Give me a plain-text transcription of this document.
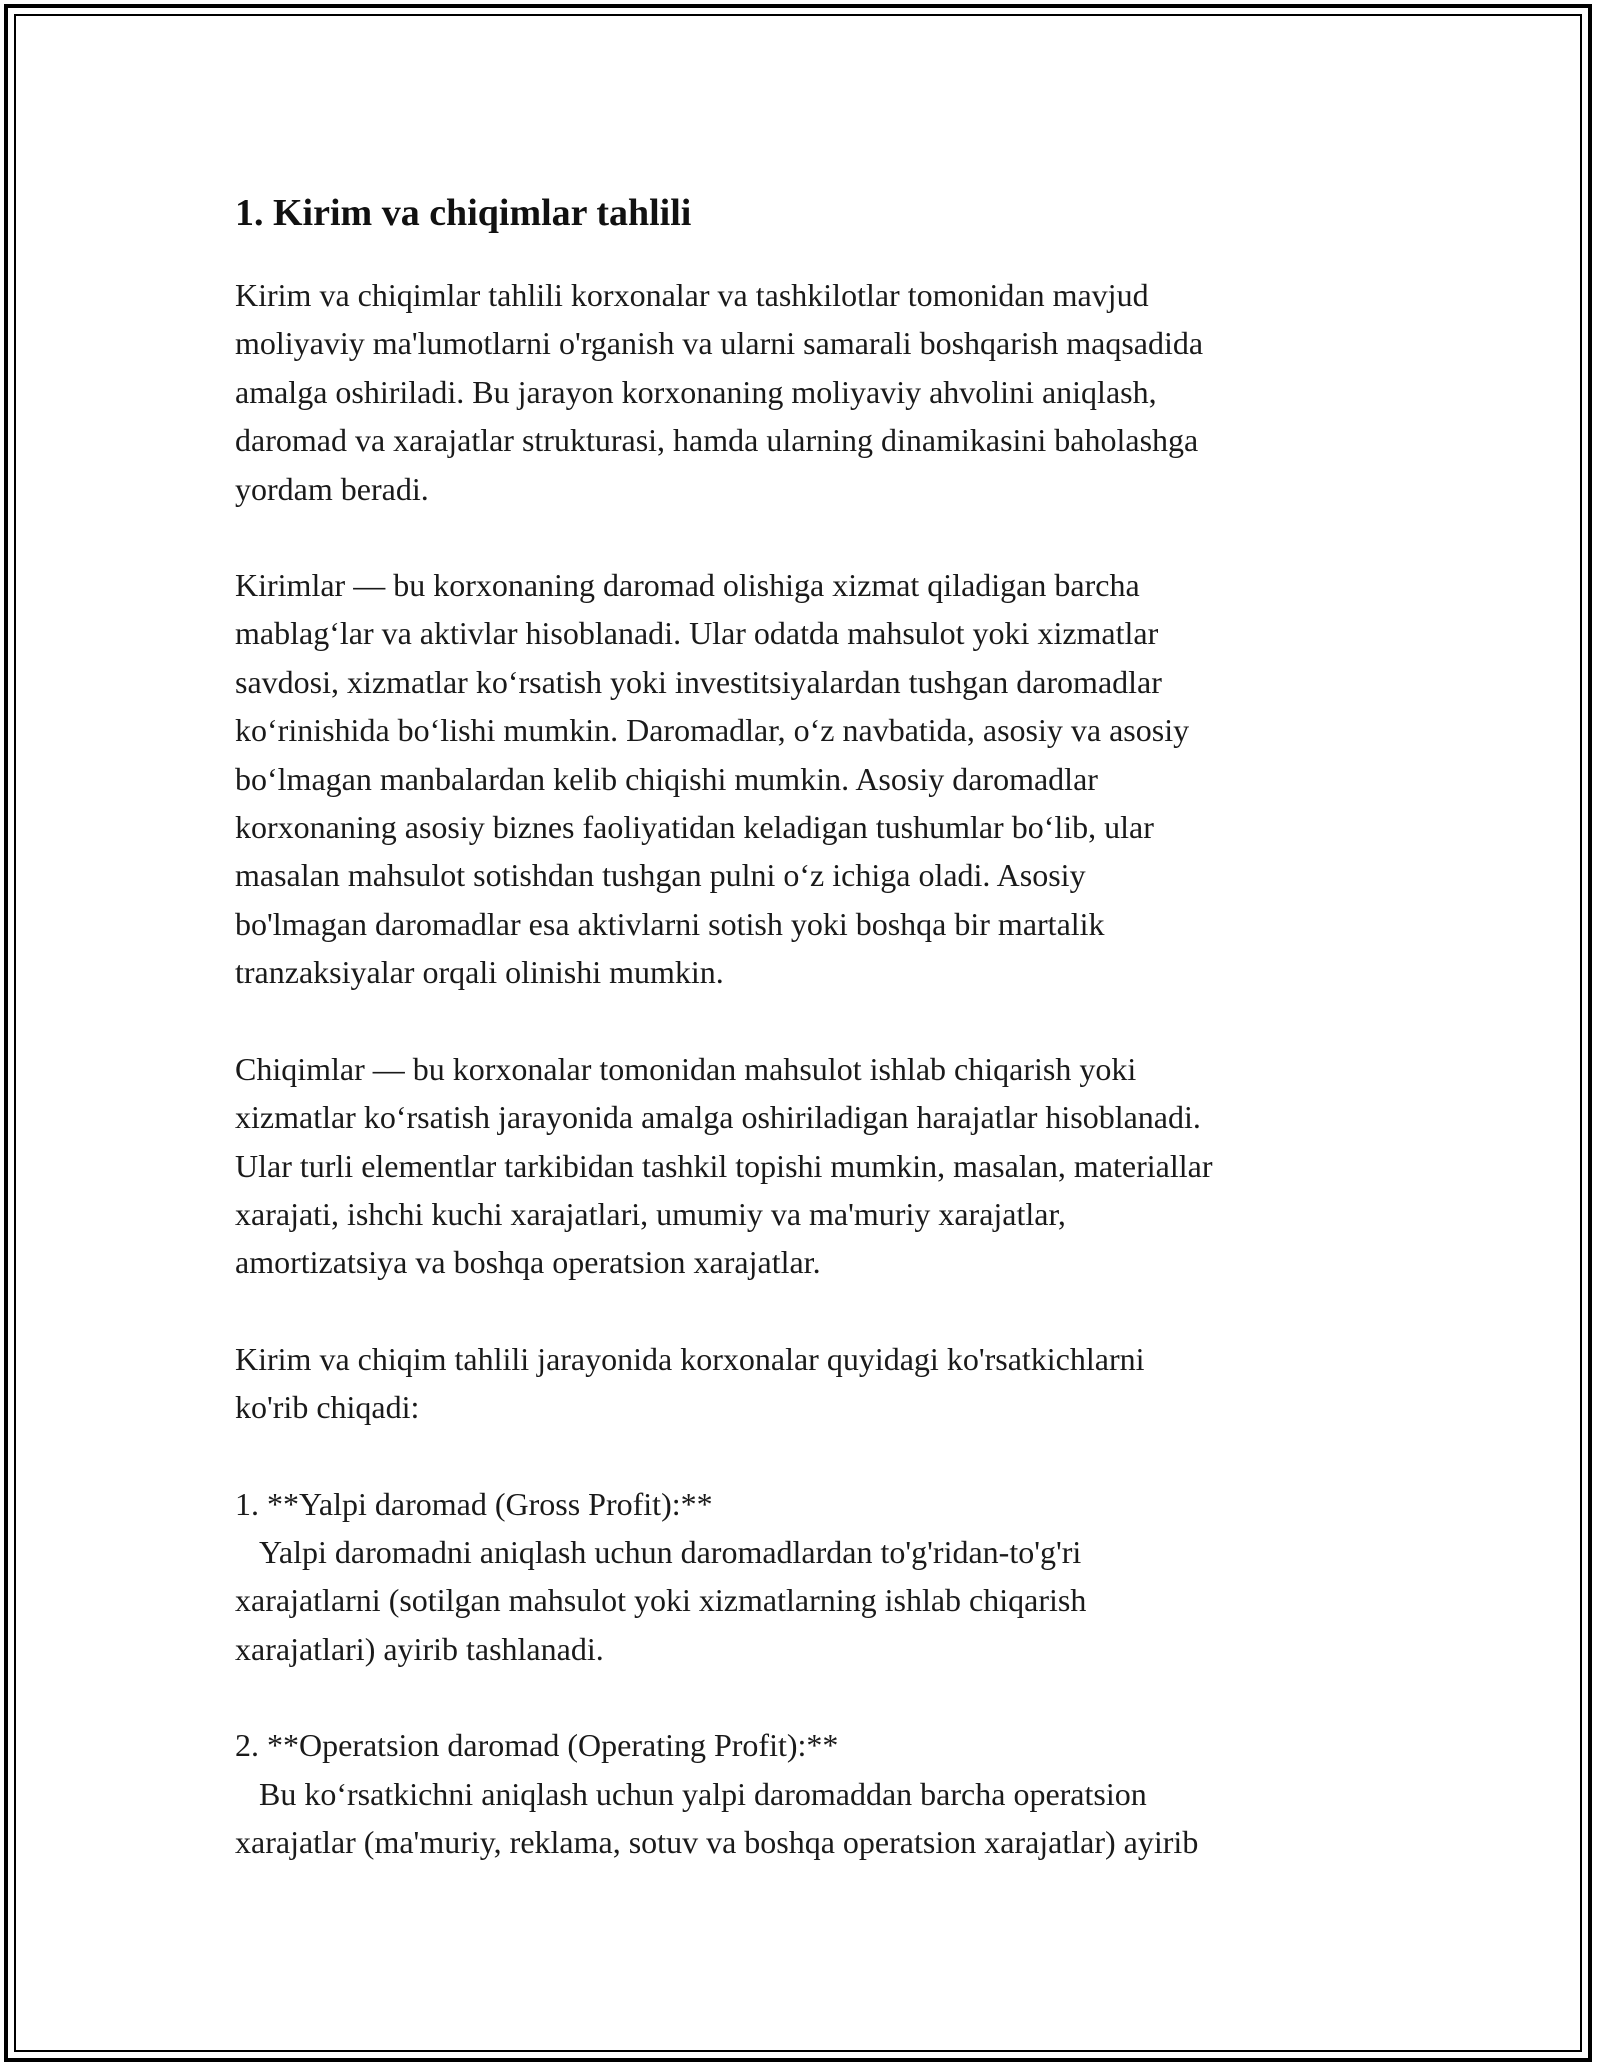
1. Kirim va chiqimlar tahlili

Kirim va chiqimlar tahlili korxonalar va tashkilotlar tomonidan mavjud
moliyaviy ma'lumotlarni o'rganish va ularni samarali boshqarish maqsadida
amalga oshiriladi. Bu jarayon korxonaning moliyaviy ahvolini aniqlash,
daromad va xarajatlar strukturasi, hamda ularning dinamikasini baholashga
yordam beradi.

Kirimlar — bu korxonaning daromad olishiga xizmat qiladigan barcha
mablag‘lar va aktivlar hisoblanadi. Ular odatda mahsulot yoki xizmatlar
savdosi, xizmatlar ko‘rsatish yoki investitsiyalardan tushgan daromadlar
ko‘rinishida bo‘lishi mumkin. Daromadlar, o‘z navbatida, asosiy va asosiy
bo‘lmagan manbalardan kelib chiqishi mumkin. Asosiy daromadlar
korxonaning asosiy biznes faoliyatidan keladigan tushumlar bo‘lib, ular
masalan mahsulot sotishdan tushgan pulni o‘z ichiga oladi. Asosiy
bo'lmagan daromadlar esa aktivlarni sotish yoki boshqa bir martalik
tranzaksiyalar orqali olinishi mumkin.

Chiqimlar — bu korxonalar tomonidan mahsulot ishlab chiqarish yoki
xizmatlar ko‘rsatish jarayonida amalga oshiriladigan harajatlar hisoblanadi.
Ular turli elementlar tarkibidan tashkil topishi mumkin, masalan, materiallar
xarajati, ishchi kuchi xarajatlari, umumiy va ma'muriy xarajatlar,
amortizatsiya va boshqa operatsion xarajatlar.

Kirim va chiqim tahlili jarayonida korxonalar quyidagi ko'rsatkichlarni
ko'rib chiqadi:

1. **Yalpi daromad (Gross Profit):**
Yalpi daromadni aniqlash uchun daromadlardan to'g'ridan-to'g'ri
xarajatlarni (sotilgan mahsulot yoki xizmatlarning ishlab chiqarish
xarajatlari) ayirib tashlanadi.

2. **Operatsion daromad (Operating Profit):**
Bu ko‘rsatkichni aniqlash uchun yalpi daromaddan barcha operatsion
xarajatlar (ma'muriy, reklama, sotuv va boshqa operatsion xarajatlar) ayirib
